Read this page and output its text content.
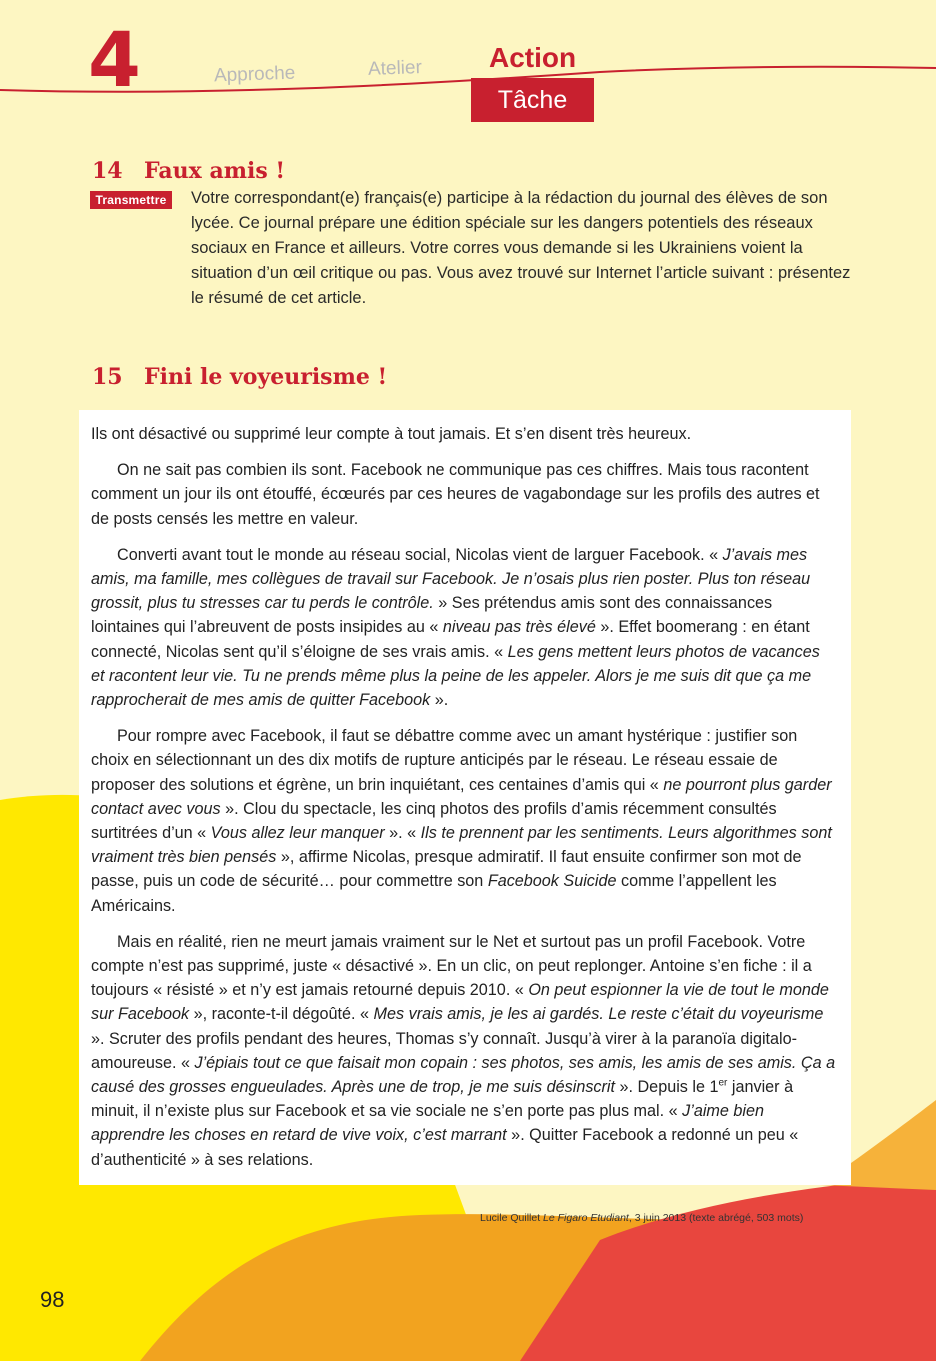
4	Approche	Atelier Action
Tâche
14 Faux amis !
Transmettre	Votre correspondant(e) français(e) participe à la rédaction du journal des élèves de son lycée. Ce journal prépare une édition spéciale sur les dangers potentiels des réseaux sociaux en France et ailleurs. Votre corres vous demande si les Ukrainiens voient la situation d’un œil critique ou pas. Vous avez trouvé sur Internet l’article suivant : présentez le résumé de cet article.
15 Fini le voyeurisme !

Ils ont désactivé ou supprimé leur compte à tout jamais. Et s’en disent très heureux.

On ne sait pas combien ils sont. Facebook ne communique pas ces chiffres. Mais tous racontent comment un jour ils ont étouffé, écœurés par ces heures de vagabondage sur les profils des autres et de posts censés les mettre en valeur.

Converti avant tout le monde au réseau social, Nicolas vient de larguer Facebook. « J’avais mes amis, ma famille, mes collègues de travail sur Facebook. Je n’osais plus rien poster. Plus ton réseau grossit, plus tu stresses car tu perds le contrôle. » Ses prétendus amis sont des connaissances lointaines qui l’abreuvent de posts insipides au « niveau pas très élevé ». Effet boomerang : en étant connecté, Nicolas sent qu’il s’éloigne de ses vrais amis. « Les gens mettent leurs photos de vacances et racontent leur vie. Tu ne prends même plus la peine de les appeler. Alors je me suis dit que ça me rapprocherait de mes amis de quitter Facebook ».

Pour rompre avec Facebook, il faut se débattre comme avec un amant hystérique : justifier son choix en sélectionnant un des dix motifs de rupture anticipés par le réseau. Le réseau essaie de proposer des solutions et égrène, un brin inquiétant, ces centaines d’amis qui « ne pourront plus garder contact avec vous ». Clou du spectacle, les cinq photos des profils d’amis récemment consultés surtitrées d’un « Vous allez leur manquer ». « Ils te prennent par les sentiments. Leurs algorithmes sont vraiment très bien pensés », affirme Nicolas, presque admiratif. Il faut ensuite confirmer son mot de passe, puis un code de sécurité… pour commettre son Facebook Suicide comme l’appellent les Américains.

Mais en réalité, rien ne meurt jamais vraiment sur le Net et surtout pas un profil Facebook. Votre compte n’est pas supprimé, juste « désactivé ». En un clic, on peut replonger. Antoine s’en fiche : il a toujours « résisté » et n’y est jamais retourné depuis 2010. « On peut espionner la vie de tout le monde sur Facebook », raconte-t-il dégoûté. « Mes vrais amis, je les ai gardés. Le reste c’était du voyeurisme ». Scruter des profils pendant des heures, Thomas s’y connaît. Jusqu’à virer à la paranoïa digitalo-amoureuse. « J’épiais tout ce que faisait mon copain : ses photos, ses amis, les amis de ses amis. Ça a causé des grosses engueulades. Après une de trop, je me suis désinscrit ». Depuis le 1er janvier à minuit, il n’existe plus sur Facebook et sa vie sociale ne s’en porte pas plus mal. « J’aime bien apprendre les choses en retard de vive voix, c’est marrant ». Quitter Facebook a redonné un peu « d’authenticité » à ses relations.

Lucile Quillet Le Figaro Etudiant, 3 juin 2013 (texte abrégé, 503 mots)
98
